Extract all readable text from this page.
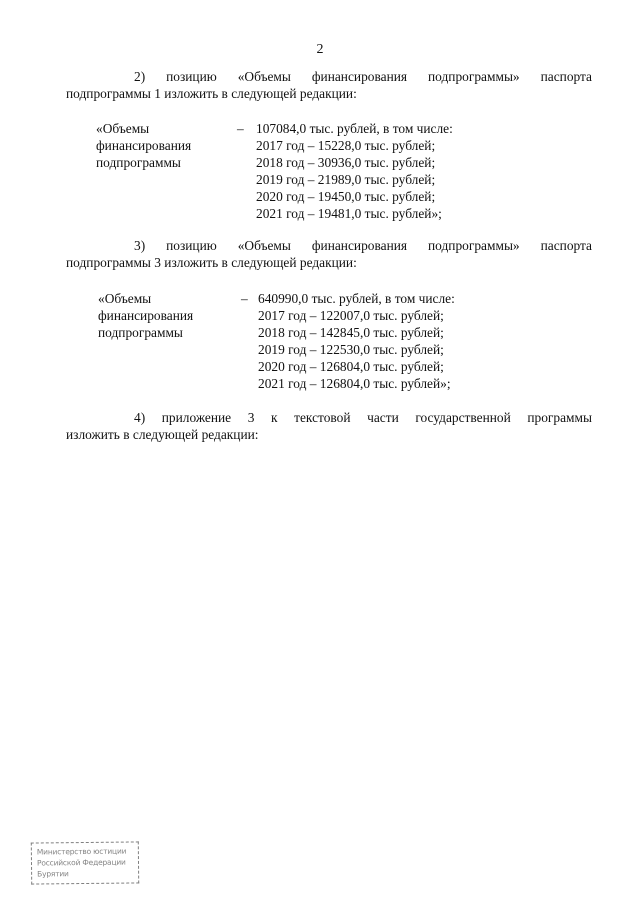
2
2) позицию «Объемы финансирования подпрограммы» паспорта
подпрограммы 1 изложить в следующей редакции:
«Объемы
финансирования
подпрограммы
– 107084,0 тыс. рублей, в том числе:
2017 год – 15228,0 тыс. рублей;
2018 год – 30936,0 тыс. рублей;
2019 год – 21989,0 тыс. рублей;
2020 год – 19450,0 тыс. рублей;
2021 год – 19481,0 тыс. рублей»;
3) позицию «Объемы финансирования подпрограммы» паспорта
подпрограммы 3 изложить в следующей редакции:
«Объемы
финансирования
подпрограммы
– 640990,0 тыс. рублей, в том числе:
2017 год – 122007,0 тыс. рублей;
2018 год – 142845,0 тыс. рублей;
2019 год – 122530,0 тыс. рублей;
2020 год – 126804,0 тыс. рублей;
2021 год – 126804,0 тыс. рублей»;
4) приложение 3 к текстовой части государственной программы
изложить в следующей редакции:
Министерство юстиции
Российской Федерации
Бурятии
